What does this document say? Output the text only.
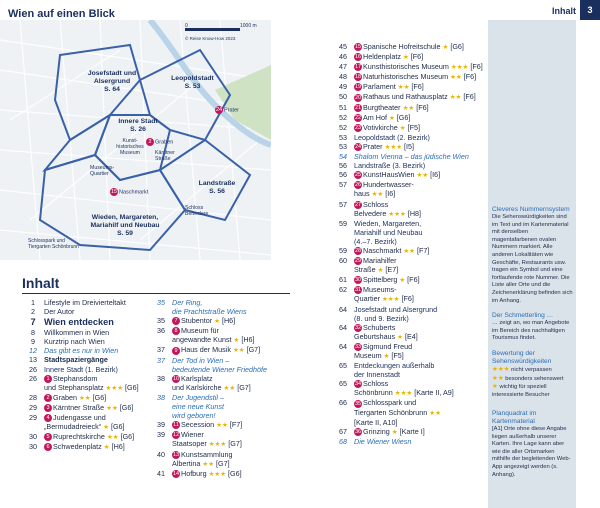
Wien auf einen Blick
0	1000 m
© Reise Know-How 2023
Josefstadt und Alsergrund
S. 64
Leopoldstadt
S. 53
Innere Stadt
S. 26
Landstraße
S. 56
Wieden, Margareten, Mariahilf und Neubau
S. 59
24 Prater
Kunst-historisches Museum
2 Graben
Kärntner Straße
Museums-Quartier
15 Naschmarkt
Schloss Belvedere
Schlosspark und Tiergarten Schönbrunn
Inhalt
1	Lifestyle im Dreivierteltakt
2	Der Autor
7 Wien entdecken
8	Willkommen in Wien
9	Kurztrip nach Wien
12 Das gibt es nur in Wien
13 Stadtspaziergänge
26 Innere Stadt (1. Bezirk)
26	1 Stephansdom
und Stephansplatz ★★★ [G6]
28	2 Graben ★★ [G6]
29	3 Kärntner Straße ★★ [G6]
29	4 Judengasse und
„Bermudadreieck“ ★ [G6]
30	5 Ruprechtskirche ★★ [G6]
30	6 Schwedenplatz ★ [H6]
35 Der Ring,
die Prachtstraße Wiens
35	7 Stubentor ★ [H6]
36	8 Museum für
angewandte Kunst ★ [H6]
37	9 Haus der Musik ★★ [G7]
37 Der Tod in Wien –
bedeutende Wiener Friedhöfe
38	10 Karlsplatz
und Karlskirche ★★ [G7]
38 Der Jugendstil –
eine neue Kunst
wird geboren!
39	11 Secession ★★ [F7]
39	12 Wiener
Staatsoper ★★★ [G7]
40	13 Kunstsammlung
Albertina ★★ [G7]
41	14 Hofburg ★★★ [G6]
45	15 Spanische Hofreitschule ★ [G6]
46	16 Heldenplatz ★ [F6]
47	17 Kunsthistorisches Museum ★★★ [F6]
48	18 Naturhistorisches Museum ★★ [F6]
49	19 Parlament ★★ [F6]
50	20 Rathaus und Rathausplatz ★★ [F6]
51	21 Burgtheater ★★ [F6]
52	22 Am Hof ★ [G6]
52	23 Votivkirche ★ [F5]
53 Leopoldstadt (2. Bezirk)
53	24 Prater ★★★ [I5]
54 Shalom Vienna – das jüdische Wien
56 Landstraße (3. Bezirk)
56	25 KunstHausWien ★★ [I6]
57	26 Hundertwasser-
haus ★★ [I6]
57	27 Schloss
Belvedere ★★★ [H8]
59 Wieden, Margareten,
Mariahilf und Neubau
(4.–7. Bezirk)
59	28 Naschmarkt ★★ [F7]
60	29 Mariahilfer
Straße ★ [E7]
61	30 Spittelberg ★ [F6]
62	31 Museums-
Quartier ★★★ [F6]
64 Josefstadt und Alsergrund
(8. und 9. Bezirk)
64	32 Schuberts
Geburtshaus ★ [E4]
64	33 Sigmund Freud
Museum ★ [F5]
65 Entdeckungen außerhalb
der Innenstadt
65	34 Schloss
Schönbrunn ★★★ [Karte II, A9]
66	35 Schlosspark und
Tiergarten Schönbrunn ★★
[Karte II, A10]
67	36 Grinzing ★ [Karte I]
68 Die Wiener Wiesn
Inhalt	3
Cleveres Nummernsystem
Die Sehenswürdigkeiten sind im Text und im Kartenmaterial mit denselben magentafarbenen ovalen Nummern markiert. Alle anderen Lokalitäten wie Geschäfte, Restaurants usw. tragen ein Symbol und eine fortlaufende rote Nummer. Die Liste aller Orte und die Zeichenerklärung befinden sich im Anhang.
Der Schmetterling …
… zeigt an, wo man Angebote im Bereich des nachhaltigen Tourismus findet.
Bewertung der Sehenswürdigkeiten
★★★ nicht verpassen
★★ besonders sehenswert
★ wichtig für speziell interessierte Besucher
Planquadrat im Kartenmaterial
[A1] Orte ohne diese Angabe liegen außerhalb unserer Karten. Ihre Lage kann aber wie die aller Ortsmarken mithilfe der begleitenden Web-App angezeigt werden (s. Anhang).
